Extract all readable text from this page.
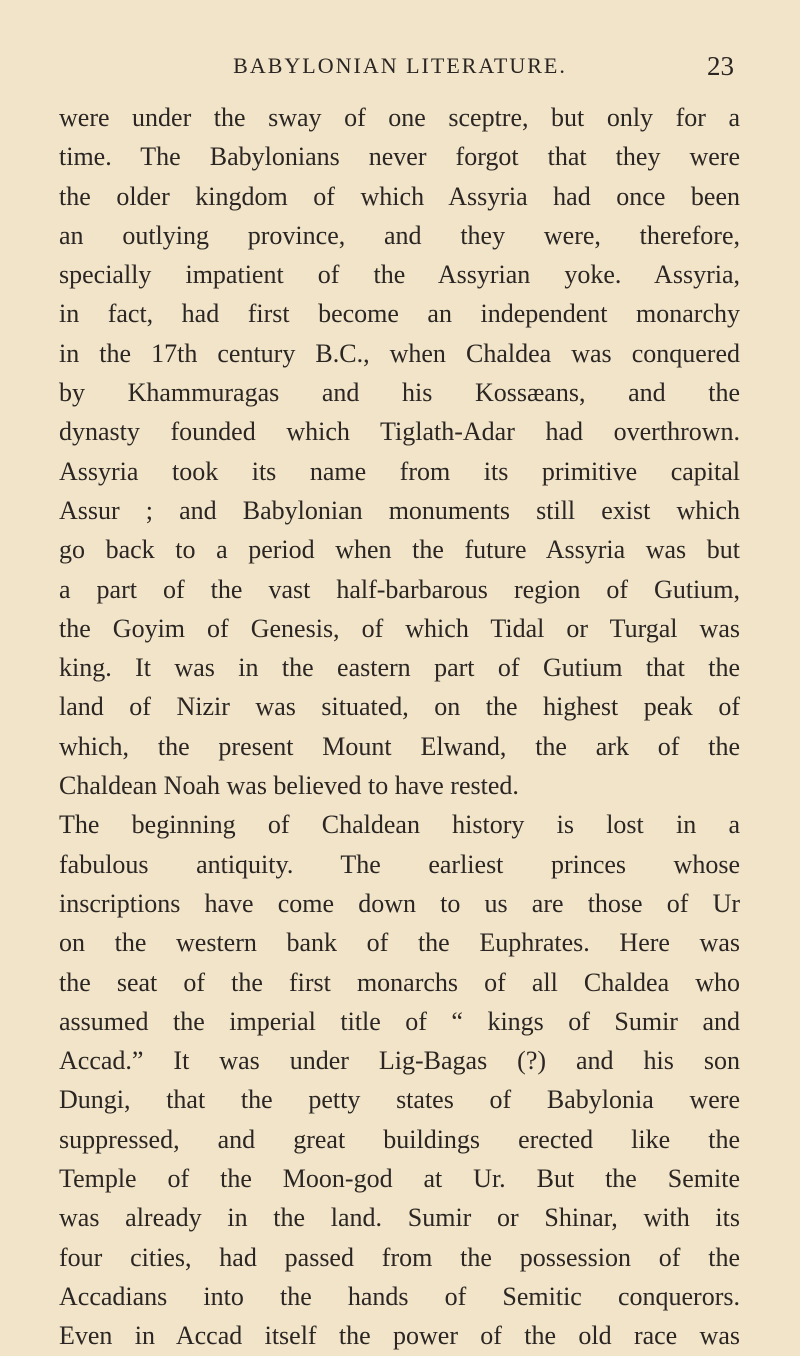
BABYLONIAN LITERATURE.	23
were under the sway of one sceptre, but only for a
time. The Babylonians never forgot that they were
the older kingdom of which Assyria had once been
an outlying province, and they were, therefore,
specially impatient of the Assyrian yoke. Assyria,
in fact, had first become an independent monarchy
in the 17th century B.C., when Chaldea was conquered
by Khammuragas and his Kossæans, and the
dynasty founded which Tiglath-Adar had overthrown.
Assyria took its name from its primitive capital
Assur ; and Babylonian monuments still exist which
go back to a period when the future Assyria was but
a part of the vast half-barbarous region of Gutium,
the Goyim of Genesis, of which Tidal or Turgal was
king. It was in the eastern part of Gutium that the
land of Nizir was situated, on the highest peak of
which, the present Mount Elwand, the ark of the
Chaldean Noah was believed to have rested.
The beginning of Chaldean history is lost in a
fabulous antiquity. The earliest princes whose
inscriptions have come down to us are those of Ur
on the western bank of the Euphrates. Here was
the seat of the first monarchs of all Chaldea who
assumed the imperial title of “ kings of Sumir and
Accad.” It was under Lig-Bagas (?) and his son
Dungi, that the petty states of Babylonia were
suppressed, and great buildings erected like the
Temple of the Moon-god at Ur. But the Semite
was already in the land. Sumir or Shinar, with its
four cities, had passed from the possession of the
Accadians into the hands of Semitic conquerors.
Even in Accad itself the power of the old race was
